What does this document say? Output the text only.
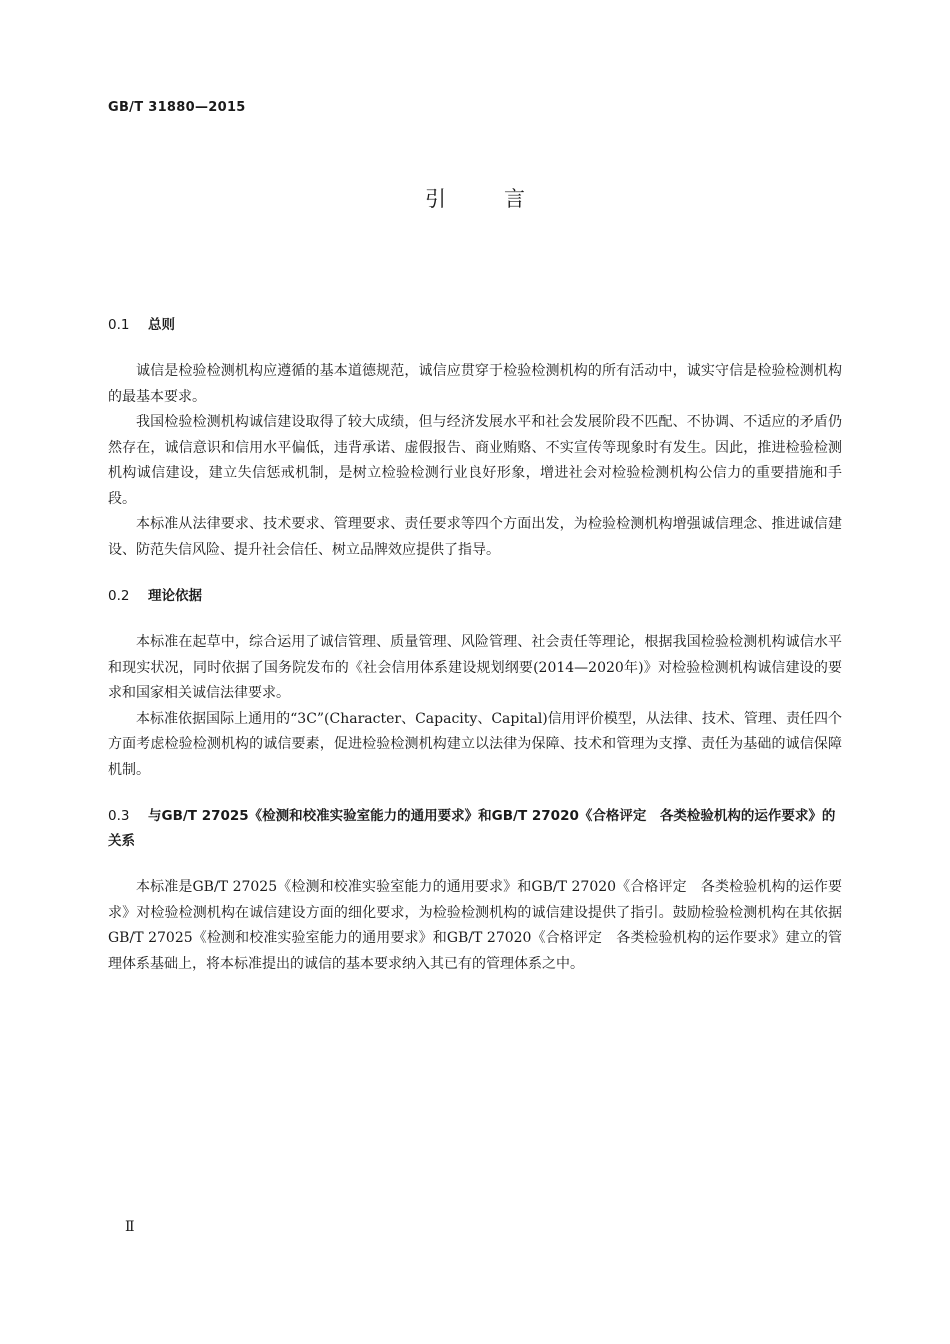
GB/T 31880—2015
引言
0.1 总则

诚信是检验检测机构应遵循的基本道德规范，诚信应贯穿于检验检测机构的所有活动中，诚实守信是检验检测机构的最基本要求。

我国检验检测机构诚信建设取得了较大成绩，但与经济发展水平和社会发展阶段不匹配、不协调、不适应的矛盾仍然存在，诚信意识和信用水平偏低，违背承诺、虚假报告、商业贿赂、不实宣传等现象时有发生。因此，推进检验检测机构诚信建设，建立失信惩戒机制，是树立检验检测行业良好形象，增进社会对检验检测机构公信力的重要措施和手段。

本标准从法律要求、技术要求、管理要求、责任要求等四个方面出发，为检验检测机构增强诚信理念、推进诚信建设、防范失信风险、提升社会信任、树立品牌效应提供了指导。

0.2 理论依据

本标准在起草中，综合运用了诚信管理、质量管理、风险管理、社会责任等理论，根据我国检验检测机构诚信水平和现实状况，同时依据了国务院发布的《社会信用体系建设规划纲要(2014—2020年)》对检验检测机构诚信建设的要求和国家相关诚信法律要求。

本标准依据国际上通用的“3C”(Character、Capacity、Capital)信用评价模型，从法律、技术、管理、责任四个方面考虑检验检测机构的诚信要素，促进检验检测机构建立以法律为保障、技术和管理为支撑、责任为基础的诚信保障机制。

0.3 与GB/T 27025《检测和校准实验室能力的通用要求》和GB/T 27020《合格评定　各类检验机构的运作要求》的关系

本标准是GB/T 27025《检测和校准实验室能力的通用要求》和GB/T 27020《合格评定　各类检验机构的运作要求》对检验检测机构在诚信建设方面的细化要求，为检验检测机构的诚信建设提供了指引。鼓励检验检测机构在其依据GB/T 27025《检测和校准实验室能力的通用要求》和GB/T 27020《合格评定　各类检验机构的运作要求》建立的管理体系基础上，将本标准提出的诚信的基本要求纳入其已有的管理体系之中。

Ⅱ
